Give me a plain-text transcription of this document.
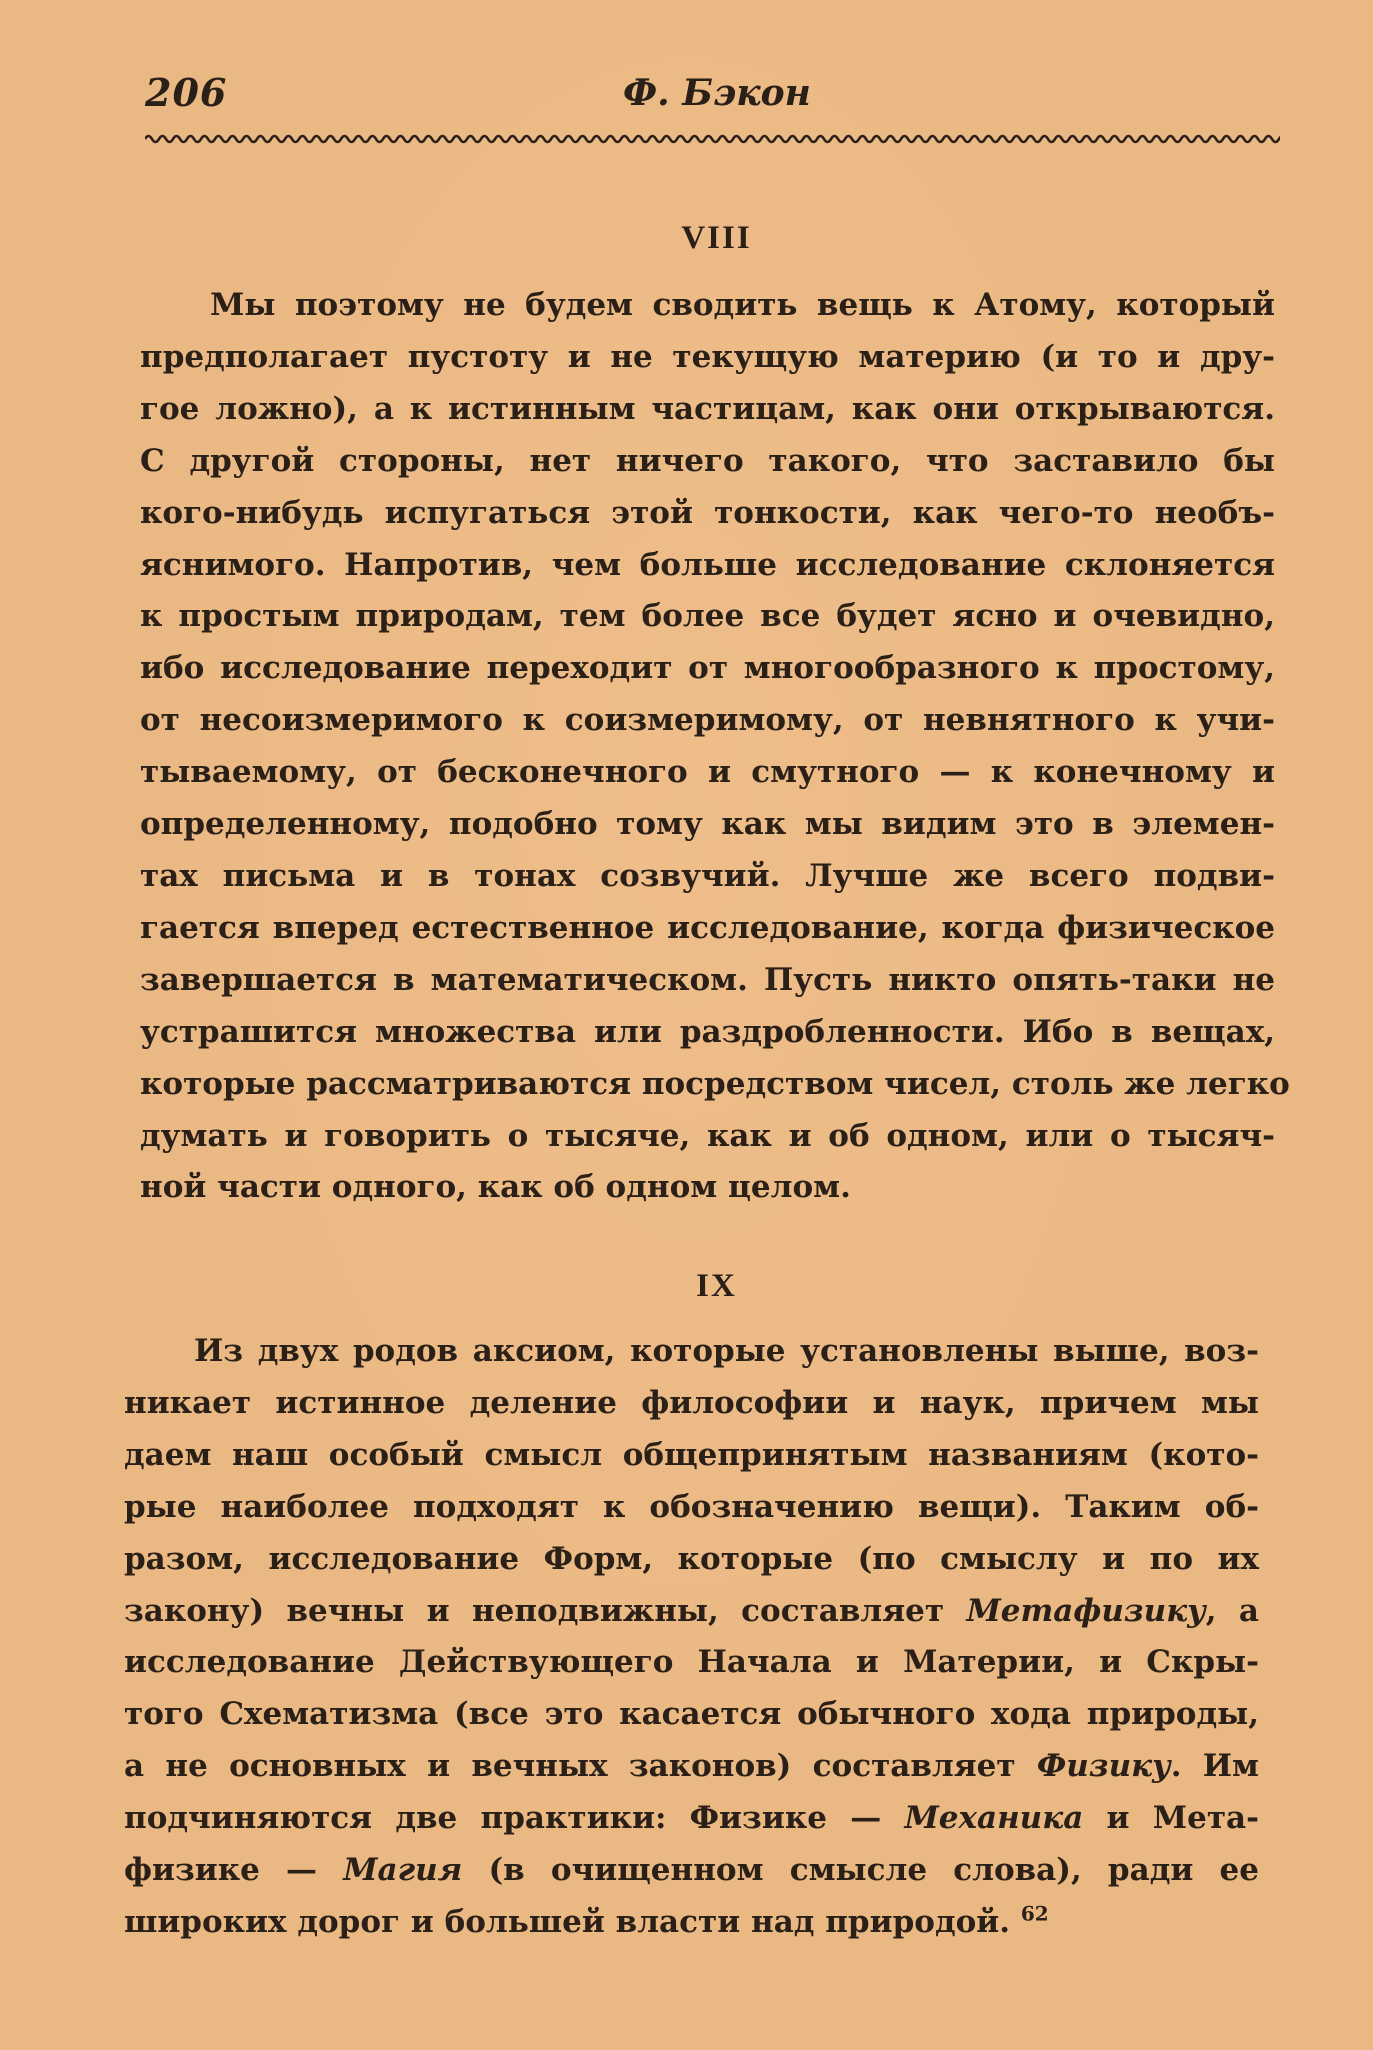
206	Ф. Бэкон
VIII
Мы поэтому не будем сводить вещь к Атому, который
предполагает пустоту и не текущую материю (и то и дру-
гое ложно), а к истинным частицам, как они открываются.
С другой стороны, нет ничего такого, что заставило бы
кого-нибудь испугаться этой тонкости, как чего-то необъ-
яснимого. Напротив, чем больше исследование склоняется
к простым природам, тем более все будет ясно и очевидно,
ибо исследование переходит от многообразного к простому,
от несоизмеримого к соизмеримому, от невнятного к учи-
тываемому, от бесконечного и смутного — к конечному и
определенному, подобно тому как мы видим это в элемен-
тах письма и в тонах созвучий. Лучше же всего подви-
гается вперед естественное исследование, когда физическое
завершается в математическом. Пусть никто опять-таки не
устрашится множества или раздробленности. Ибо в вещах,
которые рассматриваются посредством чисел, столь же легко
думать и говорить о тысяче, как и об одном, или о тысяч-
ной части одного, как об одном целом.
IX
Из двух родов аксиом, которые установлены выше, воз-
никает истинное деление философии и наук, причем мы
даем наш особый смысл общепринятым названиям (кото-
рые наиболее подходят к обозначению вещи). Таким об-
разом, исследование Форм, которые (по смыслу и по их
закону) вечны и неподвижны, составляет Метафизику, а
исследование Действующего Начала и Материи, и Скры-
того Схематизма (все это касается обычного хода природы,
а не основных и вечных законов) составляет Физику. Им
подчиняются две практики: Физике — Механика и Мета-
физике — Магия (в очищенном смысле слова), ради ее
широких дорог и большей власти над природой. $^{62}$
